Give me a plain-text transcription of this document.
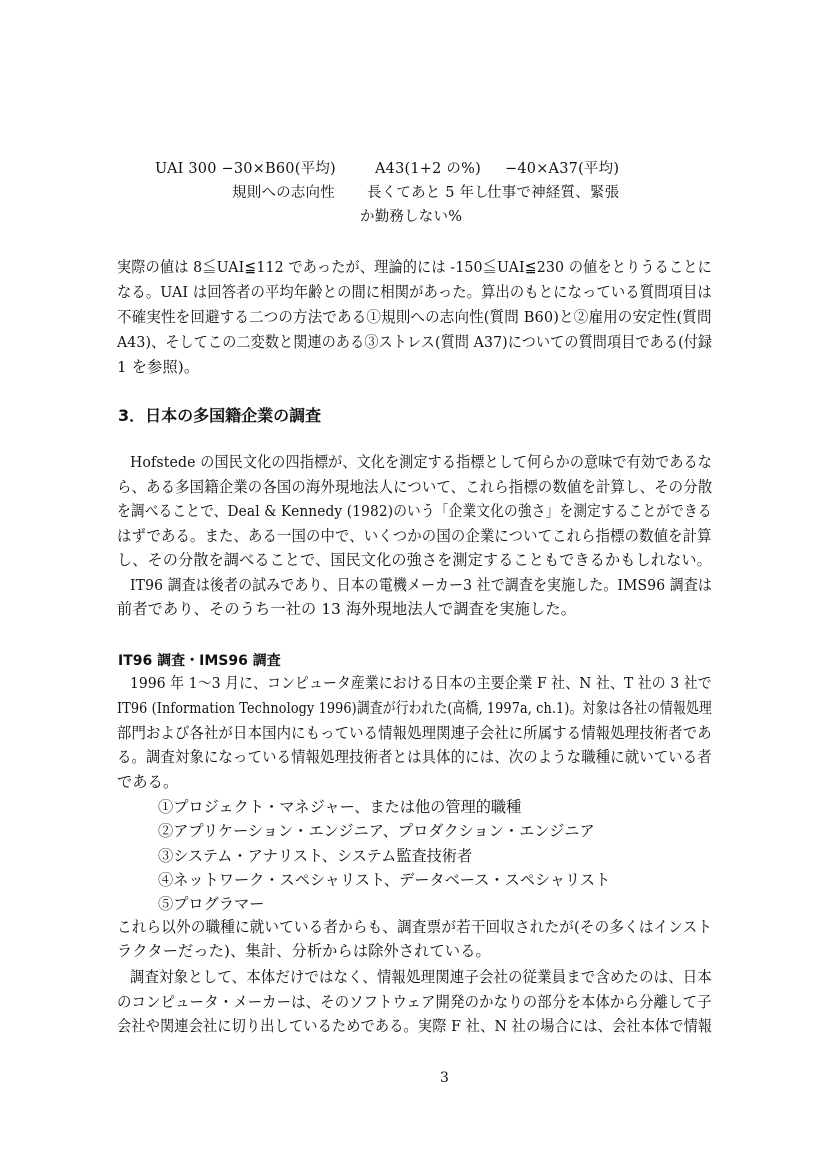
UAI 300 −30×B60(平均)	A43(1+2 の%) −40×A37(平均)
規則への志向性 長くてあと 5 年し
仕事で神経質、緊張
か勤務しない%
実際の値は 8≦UAI≦112 であったが、理論的には -150≦UAI≦230 の値をとりうることに
なる。UAI は回答者の平均年齢との間に相関があった。算出のもとになっている質問項目は
不確実性を回避する二つの方法である①規則への志向性(質問 B60)と②雇用の安定性(質問
A43)、そしてこの二変数と関連のある③ストレス(質問 A37)についての質問項目である(付録
1 を参照)。
3．日本の多国籍企業の調査
Hofstede の国民文化の四指標が、文化を測定する指標として何らかの意味で有効であるな
ら、ある多国籍企業の各国の海外現地法人について、これら指標の数値を計算し、その分散
を調べることで、Deal & Kennedy (1982)のいう「企業文化の強さ」を測定することができる
はずである。また、ある一国の中で、いくつかの国の企業についてこれら指標の数値を計算
し、その分散を調べることで、国民文化の強さを測定することもできるかもしれない。
IT96 調査は後者の試みであり、日本の電機メーカー3 社で調査を実施した。IMS96 調査は
前者であり、そのうち一社の 13 海外現地法人で調査を実施した。
IT96 調査・IMS96 調査
1996 年 1〜3 月に、コンピュータ産業における日本の主要企業 F 社、N 社、T 社の 3 社で
IT96 (Information Technology 1996)調査が行われた(高橋, 1997a, ch.1)。対象は各社の情報処理
部門および各社が日本国内にもっている情報処理関連子会社に所属する情報処理技術者であ
る。調査対象になっている情報処理技術者とは具体的には、次のような職種に就いている者
である。
①プロジェクト・マネジャー、または他の管理的職種
②アプリケーション・エンジニア、プロダクション・エンジニア
③システム・アナリスト、システム監査技術者
④ネットワーク・スペシャリスト、データベース・スペシャリスト
⑤プログラマー
これら以外の職種に就いている者からも、調査票が若干回収されたが(その多くはインスト
ラクターだった)、集計、分析からは除外されている。
調査対象として、本体だけではなく、情報処理関連子会社の従業員まで含めたのは、日本
のコンピュータ・メーカーは、そのソフトウェア開発のかなりの部分を本体から分離して子
会社や関連会社に切り出しているためである。実際 F 社、N 社の場合には、会社本体で情報
3
